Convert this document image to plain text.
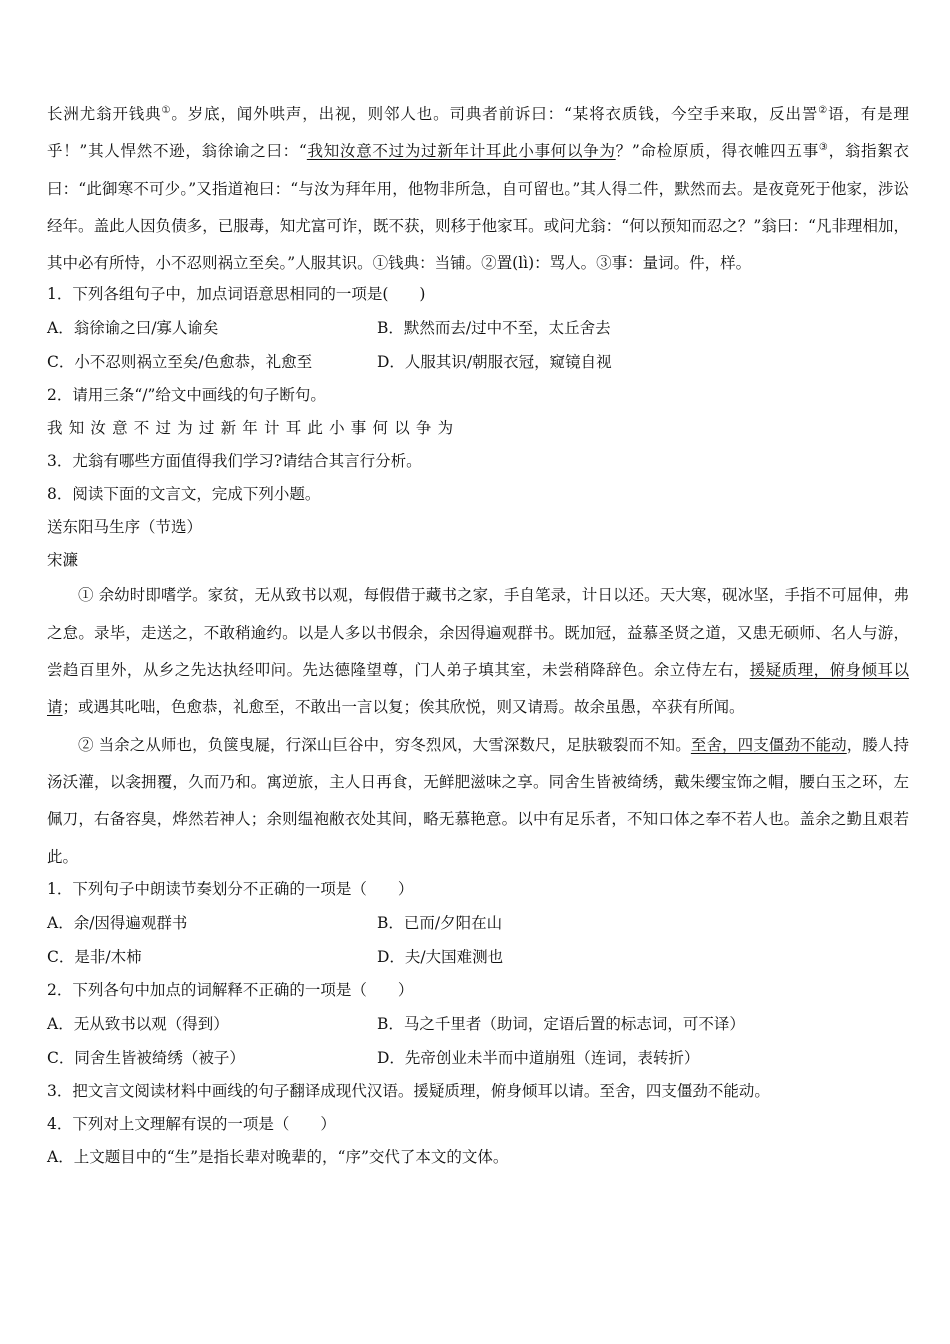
长洲尤翁开钱典①。岁底，闻外哄声，出视，则邻人也。司典者前诉曰：“某将衣质钱，今空手来取，反出詈②语，有是理乎！”其人悍然不逊，翁徐谕之曰：“我知汝意不过为过新年计耳此小事何以争为？”命检原质，得衣帷四五事③，翁指絮衣曰：“此御寒不可少。”又指道袍曰：“与汝为拜年用，他物非所急，自可留也。”其人得二件，默然而去。是夜竟死于他家，涉讼经年。盖此人因负债多，已服毒，知尤富可诈，既不获，则移于他家耳。或问尤翁：“何以预知而忍之？”翁曰：“凡非理相加，其中必有所恃，小不忍则祸立至矣。”人服其识。①钱典：当铺。②置(lì)：骂人。③事：量词。件，样。
1．下列各组句子中，加点词语意思相同的一项是(　　)
A．翁徐谕之曰/寡人谕矣	B．默然而去/过中不至，太丘舍去
C．小不忍则祸立至矣/色愈恭，礼愈至	D．人服其识/朝服衣冠，窥镜自视
2．请用三条“/”给文中画线的句子断句。
我知汝意不过为过新年计耳此小事何以争为
3．尤翁有哪些方面值得我们学习?请结合其言行分析。
8．阅读下面的文言文，完成下列小题。
送东阳马生序（节选）
宋濂
① 余幼时即嗜学。家贫，无从致书以观，每假借于藏书之家，手自笔录，计日以还。天大寒，砚冰坚，手指不可屈伸，弗之怠。录毕，走送之，不敢稍逾约。以是人多以书假余，余因得遍观群书。既加冠，益慕圣贤之道，又患无硕师、名人与游，尝趋百里外，从乡之先达执经叩问。先达德隆望尊，门人弟子填其室，未尝稍降辞色。余立侍左右，援疑质理，俯身倾耳以请；或遇其叱咄，色愈恭，礼愈至，不敢出一言以复；俟其欣悦，则又请焉。故余虽愚，卒获有所闻。
② 当余之从师也，负箧曳屣，行深山巨谷中，穷冬烈风，大雪深数尺，足肤皲裂而不知。至舍，四支僵劲不能动，媵人持汤沃灌，以衾拥覆，久而乃和。寓逆旅，主人日再食，无鲜肥滋味之享。同舍生皆被绮绣，戴朱缨宝饰之帽，腰白玉之环，左佩刀，右备容臭，烨然若神人；余则缊袍敝衣处其间，略无慕艳意。以中有足乐者，不知口体之奉不若人也。盖余之勤且艰若此。
1．下列句子中朗读节奏划分不正确的一项是（　　）
A．余/因得遍观群书	B．已而/夕阳在山
C．是非/木柿	D．夫/大国难测也
2．下列各句中加点的词解释不正确的一项是（　　）
A．无从致书以观（得到）	B．马之千里者（助词，定语后置的标志词，可不译）
C．同舍生皆被绮绣（被子）	D．先帝创业未半而中道崩殂（连词，表转折）
3．把文言文阅读材料中画线的句子翻译成现代汉语。援疑质理，俯身倾耳以请。至舍，四支僵劲不能动。
4．下列对上文理解有误的一项是（　　）
A．上文题目中的“生”是指长辈对晚辈的，“序”交代了本文的文体。
